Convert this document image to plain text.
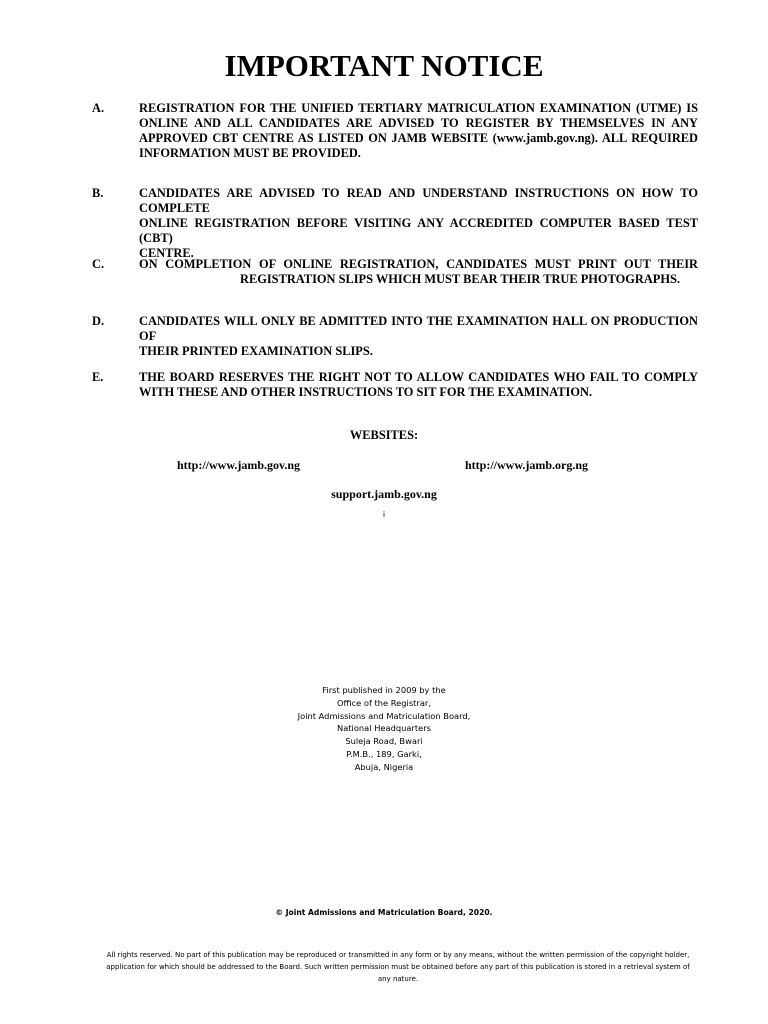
IMPORTANT NOTICE
A.	REGISTRATION FOR THE UNIFIED TERTIARY MATRICULATION EXAMINATION (UTME) IS
ONLINE AND ALL CANDIDATES ARE ADVISED TO REGISTER BY THEMSELVES IN ANY
APPROVED CBT CENTRE AS LISTED ON JAMB WEBSITE (www.jamb.gov.ng). ALL REQUIRED
INFORMATION MUST BE PROVIDED.
B.	CANDIDATES ARE ADVISED TO READ AND UNDERSTAND INSTRUCTIONS ON HOW TO COMPLETE
ONLINE REGISTRATION BEFORE VISITING ANY ACCREDITED COMPUTER BASED TEST (CBT)
CENTRE.
C.	ON COMPLETION OF ONLINE REGISTRATION, CANDIDATES MUST PRINT OUT THEIR
REGISTRATION SLIPS WHICH MUST BEAR THEIR TRUE PHOTOGRAPHS.
D.	CANDIDATES WILL ONLY BE ADMITTED INTO THE EXAMINATION HALL ON PRODUCTION OF
THEIR PRINTED EXAMINATION SLIPS.
E.	THE BOARD RESERVES THE RIGHT NOT TO ALLOW CANDIDATES WHO FAIL TO COMPLY
WITH THESE AND OTHER INSTRUCTIONS TO SIT FOR THE EXAMINATION.
WEBSITES:
http://www.jamb.gov.ng	http://www.jamb.org.ng
support.jamb.gov.ng
i
First published in 2009 by the
Office of the Registrar,
Joint Admissions and Matriculation Board,
National Headquarters
Suleja Road, Bwari
P.M.B., 189, Garki,
Abuja, Nigeria
© Joint Admissions and Matriculation Board, 2020.
All rights reserved. No part of this publication may be reproduced or transmitted in any form or by any means, without the written permission of the copyright holder, application for which should be addressed to the Board. Such written permission must be obtained before any part of this publication is stored in a retrieval system of any nature.
